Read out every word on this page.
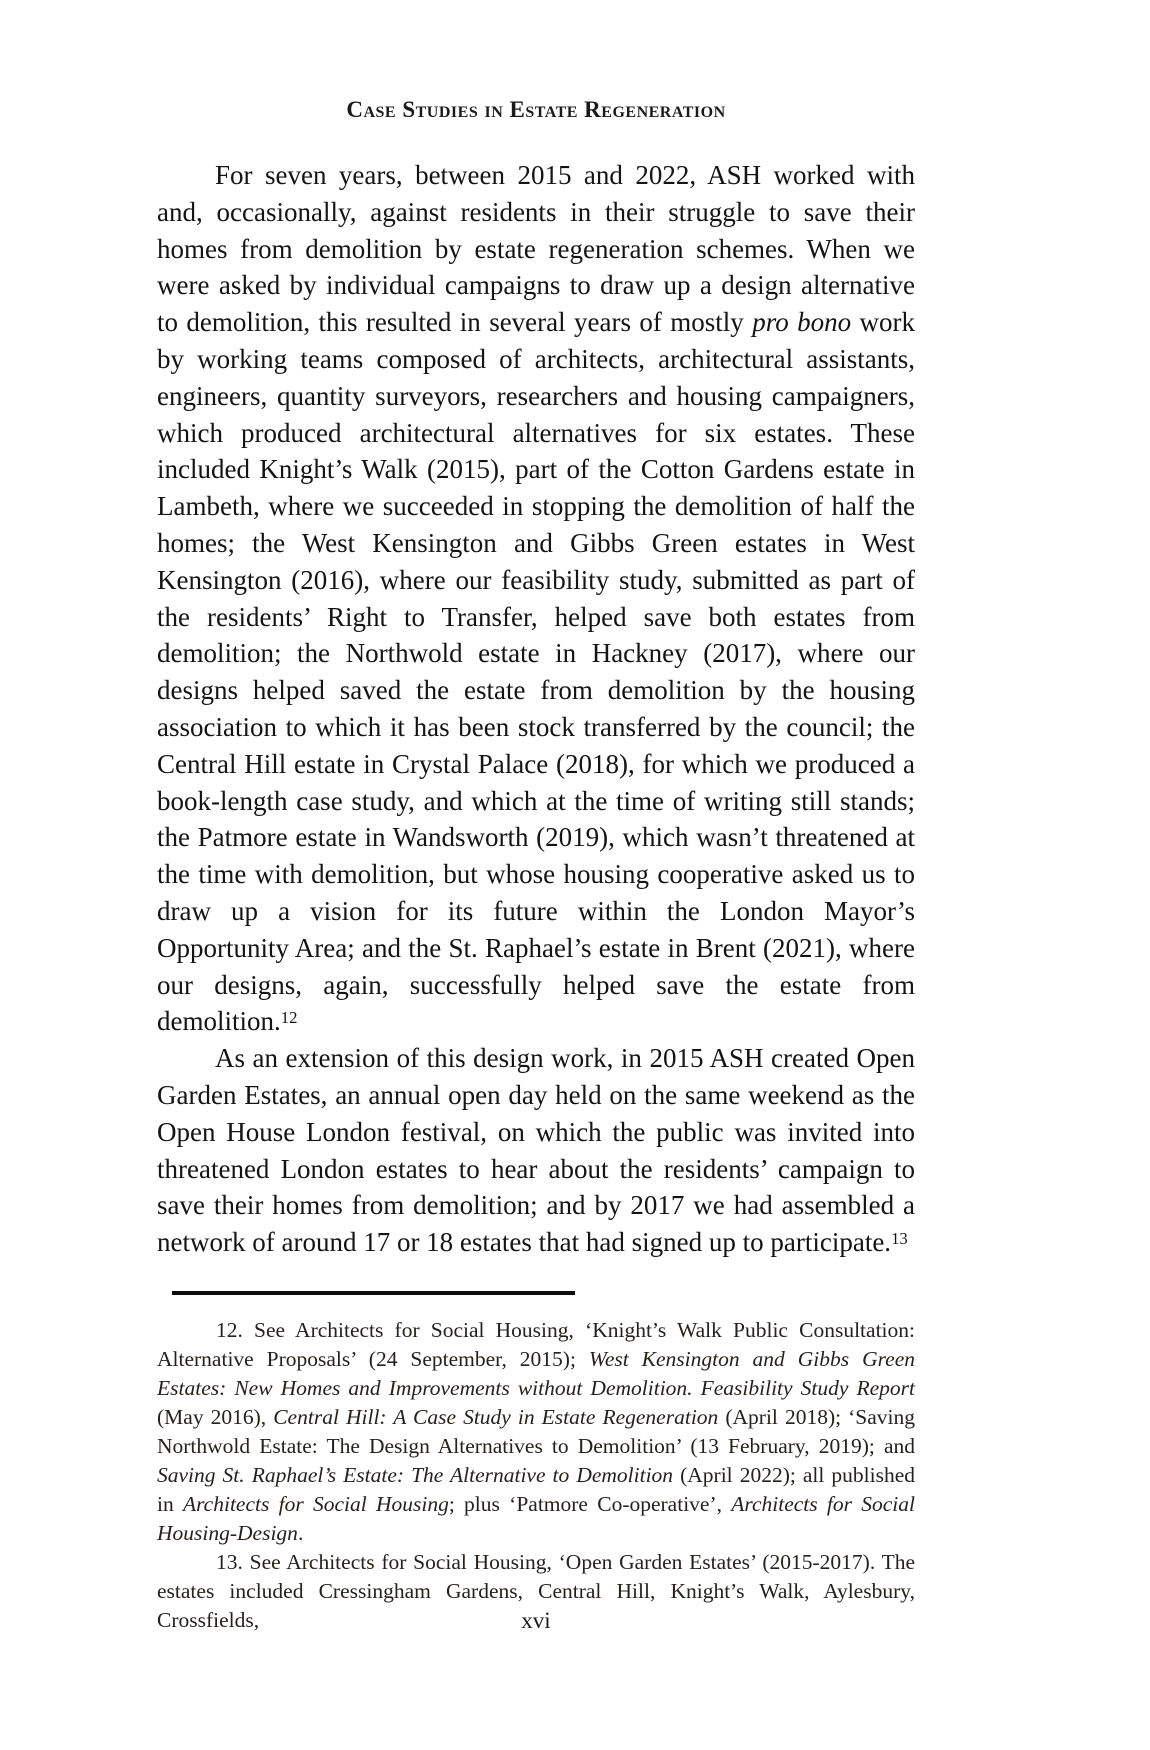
Case Studies in Estate Regeneration

For seven years, between 2015 and 2022, ASH worked with and, occasionally, against residents in their struggle to save their homes from demolition by estate regeneration schemes. When we were asked by individual campaigns to draw up a design alternative to demolition, this resulted in several years of mostly pro bono work by working teams composed of architects, architectural assistants, engineers, quantity surveyors, researchers and housing campaigners, which produced architectural alternatives for six estates. These included Knight’s Walk (2015), part of the Cotton Gardens estate in Lambeth, where we succeeded in stopping the demolition of half the homes; the West Kensington and Gibbs Green estates in West Kensington (2016), where our feasibility study, submitted as part of the residents’ Right to Transfer, helped save both estates from demolition; the Northwold estate in Hackney (2017), where our designs helped saved the estate from demolition by the housing association to which it has been stock transferred by the council; the Central Hill estate in Crystal Palace (2018), for which we produced a book-length case study, and which at the time of writing still stands; the Patmore estate in Wandsworth (2019), which wasn’t threatened at the time with demolition, but whose housing cooperative asked us to draw up a vision for its future within the London Mayor’s Opportunity Area; and the St. Raphael’s estate in Brent (2021), where our designs, again, successfully helped save the estate from demolition.$^{12}$

As an extension of this design work, in 2015 ASH created Open Garden Estates, an annual open day held on the same weekend as the Open House London festival, on which the public was invited into threatened London estates to hear about the residents’ campaign to save their homes from demolition; and by 2017 we had assembled a network of around 17 or 18 estates that had signed up to participate.$^{13}$

12. See Architects for Social Housing, ‘Knight’s Walk Public Consultation: Alternative Proposals’ (24 September, 2015); West Kensington and Gibbs Green Estates: New Homes and Improvements without Demolition. Feasibility Study Report (May 2016), Central Hill: A Case Study in Estate Regeneration (April 2018); ‘Saving Northwold Estate: The Design Alternatives to Demolition’ (13 February, 2019); and Saving St. Raphael’s Estate: The Alternative to Demolition (April 2022); all published in Architects for Social Housing; plus ‘Patmore Co-operative’, Architects for Social Housing-Design.

13. See Architects for Social Housing, ‘Open Garden Estates’ (2015-2017). The estates included Cressingham Gardens, Central Hill, Knight’s Walk, Aylesbury, Crossfields,	xvi
